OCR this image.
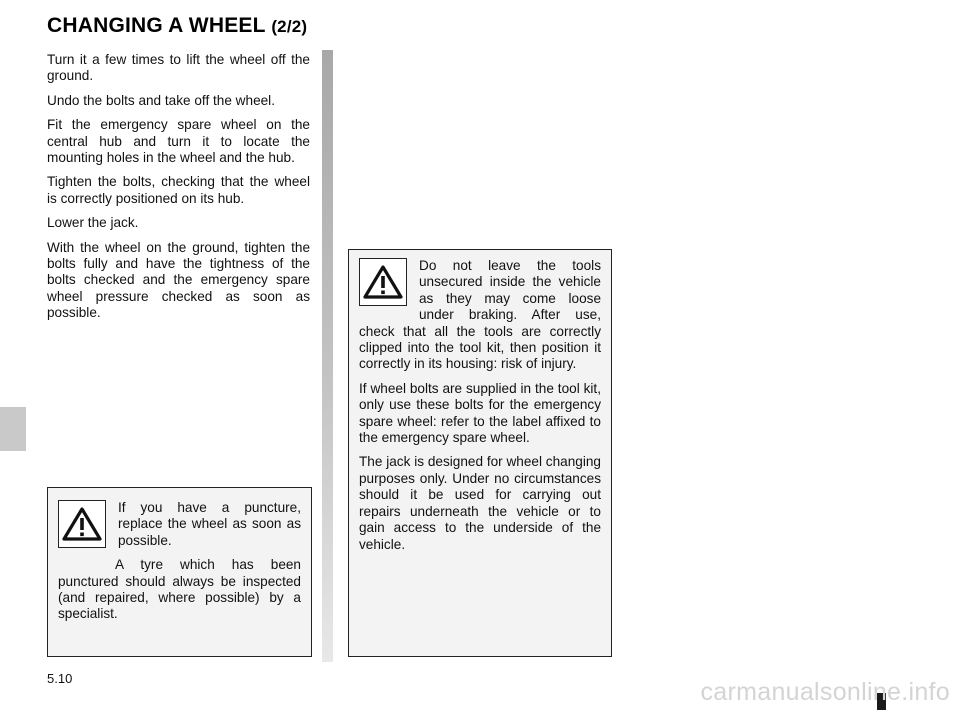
CHANGING A WHEEL (2/2)

Turn it a few times to lift the wheel off the ground.

Undo the bolts and take off the wheel.

Fit the emergency spare wheel on the central hub and turn it to locate the mounting holes in the wheel and the hub.

Tighten the bolts, checking that the wheel is correctly positioned on its hub.

Lower the jack.

With the wheel on the ground, tighten the bolts fully and have the tightness of the bolts checked and the emergency spare wheel pressure checked as soon as possible.

If you have a puncture, replace the wheel as soon as possible.

A tyre which has been punctured should always be inspected (and repaired, where possible) by a specialist.

Do not leave the tools unsecured inside the vehicle as they may come loose under braking. After use, check that all the tools are correctly clipped into the tool kit, then position it correctly in its housing: risk of injury.

If wheel bolts are supplied in the tool kit, only use these bolts for the emergency spare wheel: refer to the label affixed to the emergency spare wheel.

The jack is designed for wheel changing purposes only. Under no circumstances should it be used for carrying out repairs underneath the vehicle or to gain access to the underside of the vehicle.

5.10	carmanualsonline.info
